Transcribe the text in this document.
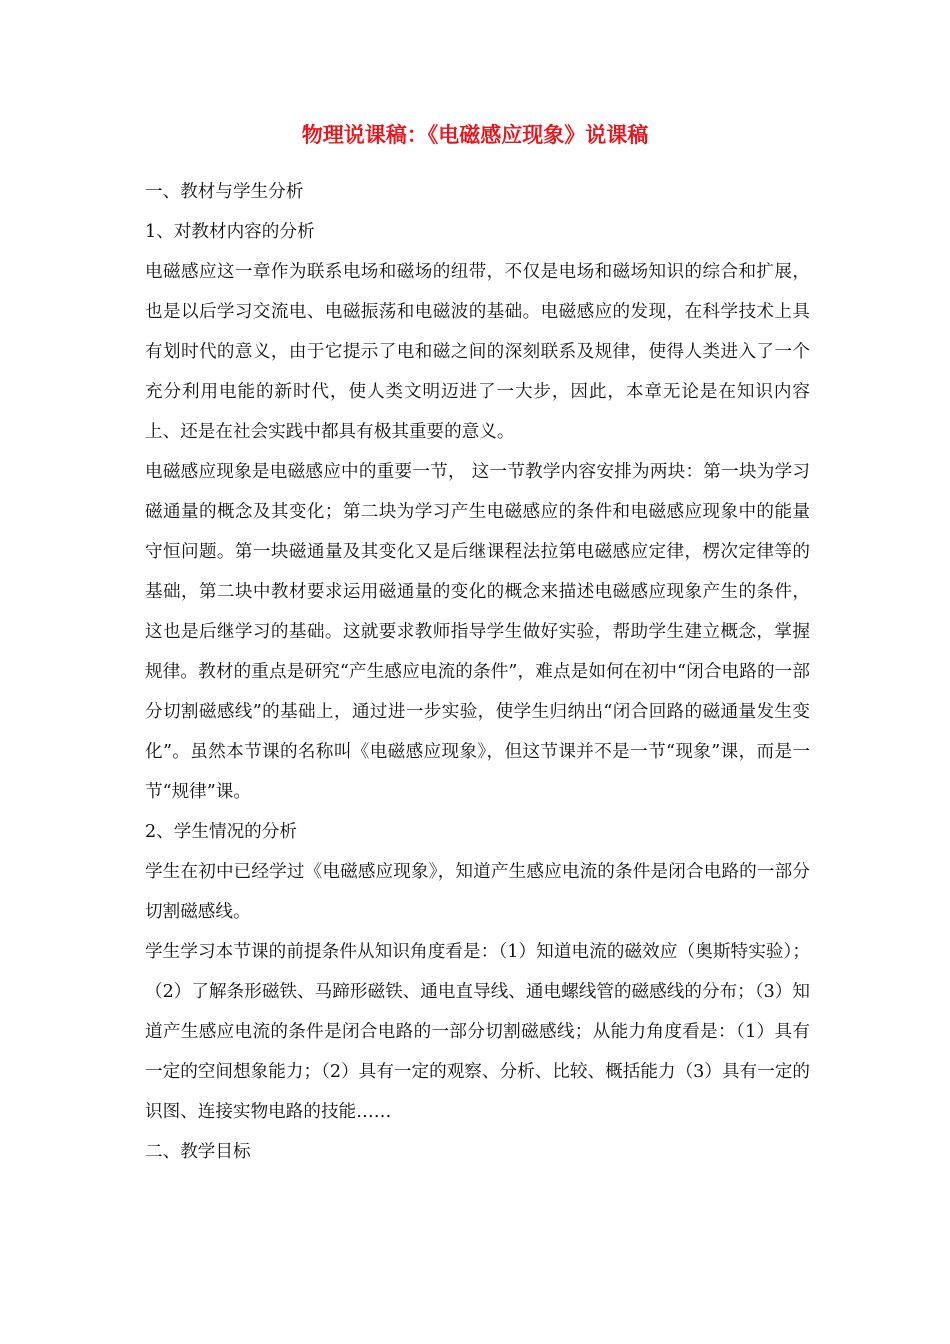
物理说课稿：《电磁感应现象》说课稿

一、教材与学生分析

1、对教材内容的分析

电磁感应这一章作为联系电场和磁场的纽带，不仅是电场和磁场知识的综合和扩展，也是以后学习交流电、电磁振荡和电磁波的基础。电磁感应的发现，在科学技术上具有划时代的意义，由于它提示了电和磁之间的深刻联系及规律，使得人类进入了一个充分利用电能的新时代，使人类文明迈进了一大步，因此，本章无论是在知识内容上、还是在社会实践中都具有极其重要的意义。

电磁感应现象是电磁感应中的重要一节， 这一节教学内容安排为两块：第一块为学习磁通量的概念及其变化；第二块为学习产生电磁感应的条件和电磁感应现象中的能量守恒问题。第一块磁通量及其变化又是后继课程法拉第电磁感应定律，楞次定律等的基础，第二块中教材要求运用磁通量的变化的概念来描述电磁感应现象产生的条件，这也是后继学习的基础。这就要求教师指导学生做好实验，帮助学生建立概念，掌握规律。教材的重点是研究“产生感应电流的条件”，难点是如何在初中“闭合电路的一部分切割磁感线”的基础上，通过进一步实验，使学生归纳出“闭合回路的磁通量发生变化”。虽然本节课的名称叫《电磁感应现象》，但这节课并不是一节“现象”课，而是一节“规律”课。

2、学生情况的分析

学生在初中已经学过《电磁感应现象》，知道产生感应电流的条件是闭合电路的一部分切割磁感线。

学生学习本节课的前提条件从知识角度看是：（1）知道电流的磁效应（奥斯特实验）；（2）了解条形磁铁、马蹄形磁铁、通电直导线、通电螺线管的磁感线的分布；（3）知道产生感应电流的条件是闭合电路的一部分切割磁感线；从能力角度看是：（1）具有一定的空间想象能力；（2）具有一定的观察、分析、比较、概括能力（3）具有一定的识图、连接实物电路的技能……

二、教学目标
